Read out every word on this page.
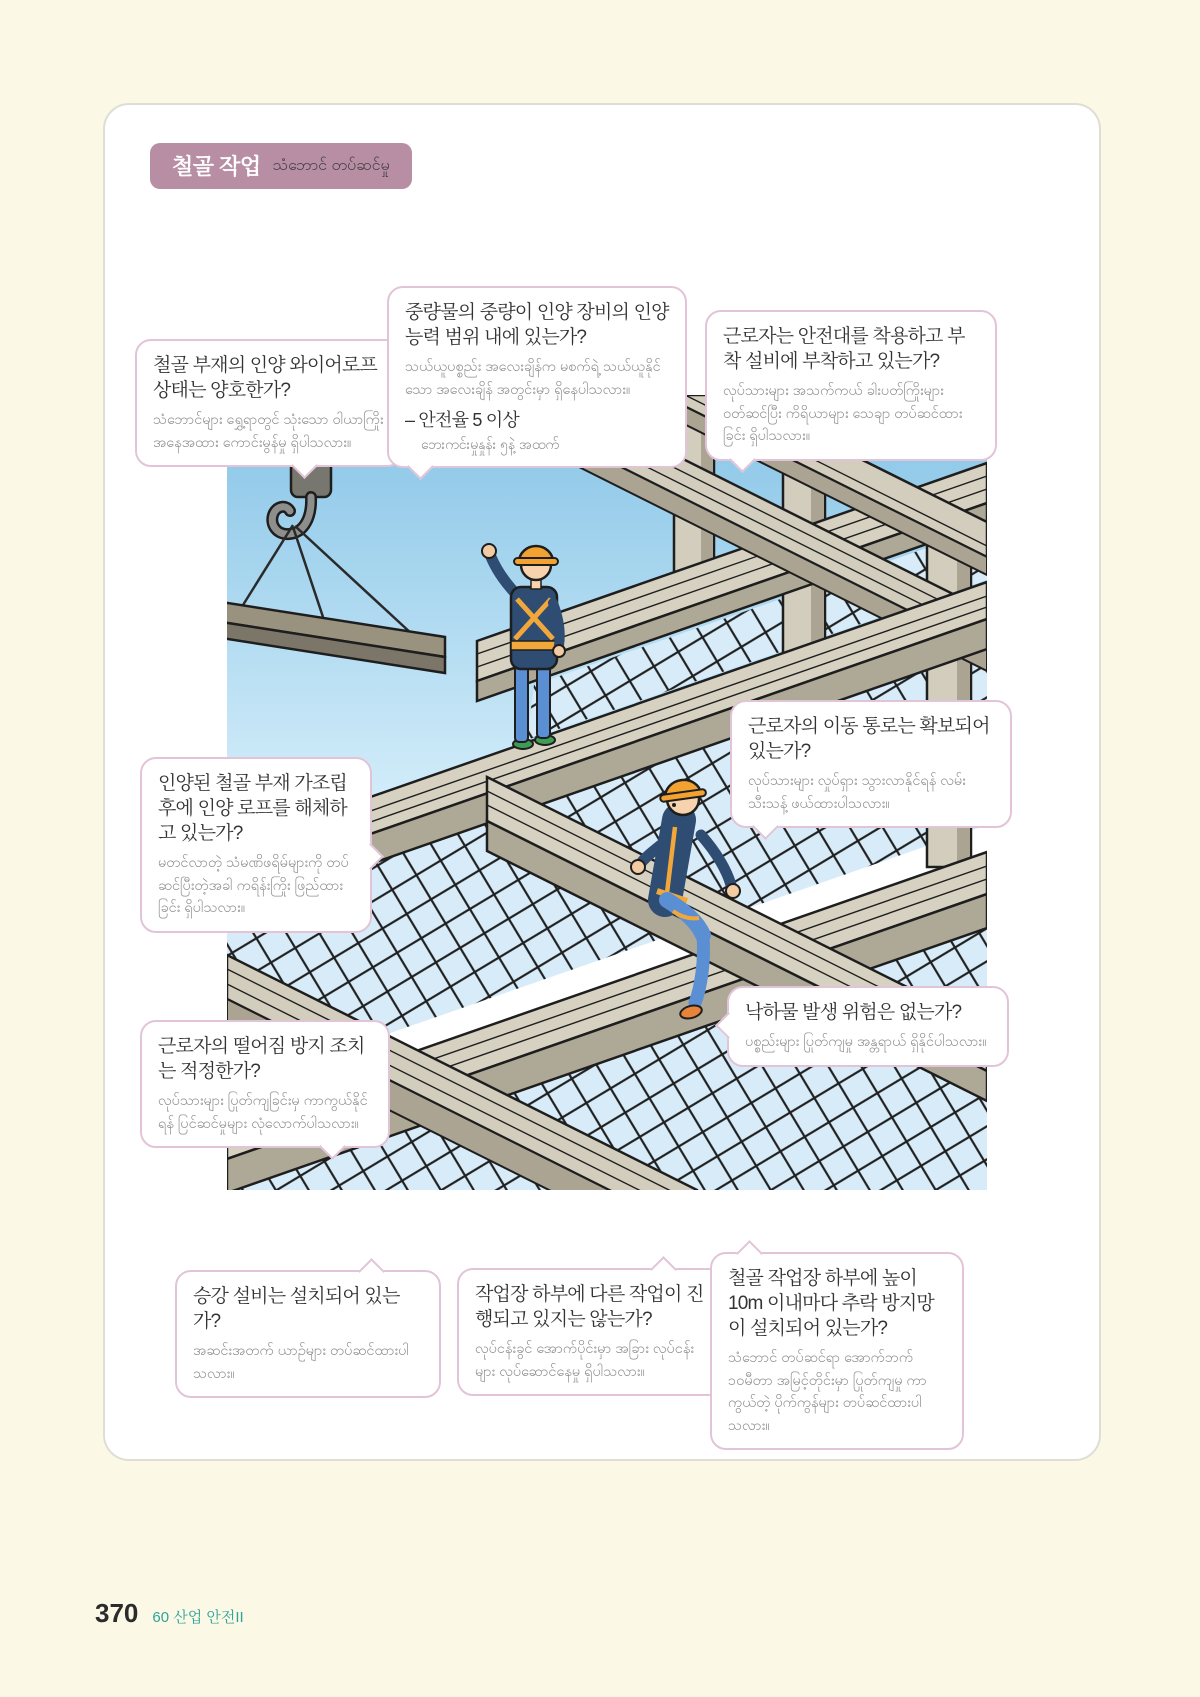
철골 작업 သံဘောင် တပ်ဆင်မှု
철골 부재의 인양 와이어로프 상태는 양호한가?
သံဘောင်များ ရွှေ့ရာတွင် သုံးသော ဝါယာကြိုး အနေအထား ကောင်းမွန်မှု ရှိပါသလား။
중량물의 중량이 인양 장비의 인양 능력 범위 내에 있는가?
သယ်ယူပစ္စည်း အလေးချိန်က မစက်ရဲ့ သယ်ယူနိုင်သော အလေးချိန် အတွင်းမှာ ရှိနေပါသလား။
– 안전율 5 이상
ဘေးကင်းမှုနှုန်း ၅နဲ့ အထက်
근로자는 안전대를 착용하고 부착 설비에 부착하고 있는가?
လုပ်သားများ အသက်ကယ် ခါးပတ်ကြိုးများ ဝတ်ဆင်ပြီး ကိရိယာများ သေချာ တပ်ဆင်ထားခြင်း ရှိပါသလား။
근로자의 이동 통로는 확보되어 있는가?
လုပ်သားများ လှုပ်ရှား သွားလာနိုင်ရန် လမ်း သီးသန့် ဖယ်ထားပါသလား။
인양된 철골 부재 가조립 후에 인양 로프를 해체하고 있는가?
မတင်လာတဲ့ သံမဏိဖရိမ်များကို တပ်ဆင်ပြီးတဲ့အခါ ကရိန်းကြိုး ဖြည်ထားခြင်း ရှိပါသလား။
낙하물 발생 위험은 없는가?
ပစ္စည်းများ ပြုတ်ကျမှု အန္တရာယ် ရှိနိုင်ပါသလား။
근로자의 떨어짐 방지 조치는 적정한가?
လုပ်သားများ ပြုတ်ကျခြင်းမှ ကာကွယ်နိုင်ရန် ပြင်ဆင်မှုများ လုံလောက်ပါသလား။
승강 설비는 설치되어 있는가?
အဆင်းအတက် ယာဉ်များ တပ်ဆင်ထားပါသလား။
작업장 하부에 다른 작업이 진행되고 있지는 않는가?
လုပ်ငန်းခွင် အောက်ပိုင်းမှာ အခြား လုပ်ငန်းများ လုပ်ဆောင်နေမှု ရှိပါသလား။
철골 작업장 하부에 높이 10m 이내마다 추락 방지망이 설치되어 있는가?
သံဘောင် တပ်ဆင်ရာ အောက်ဘက် ၁၀မီတာ အမြင့်တိုင်းမှာ ပြုတ်ကျမှု ကာကွယ်တဲ့ ပိုက်ကွန်များ တပ်ဆင်ထားပါသလား။
370 60 산업 안전II
